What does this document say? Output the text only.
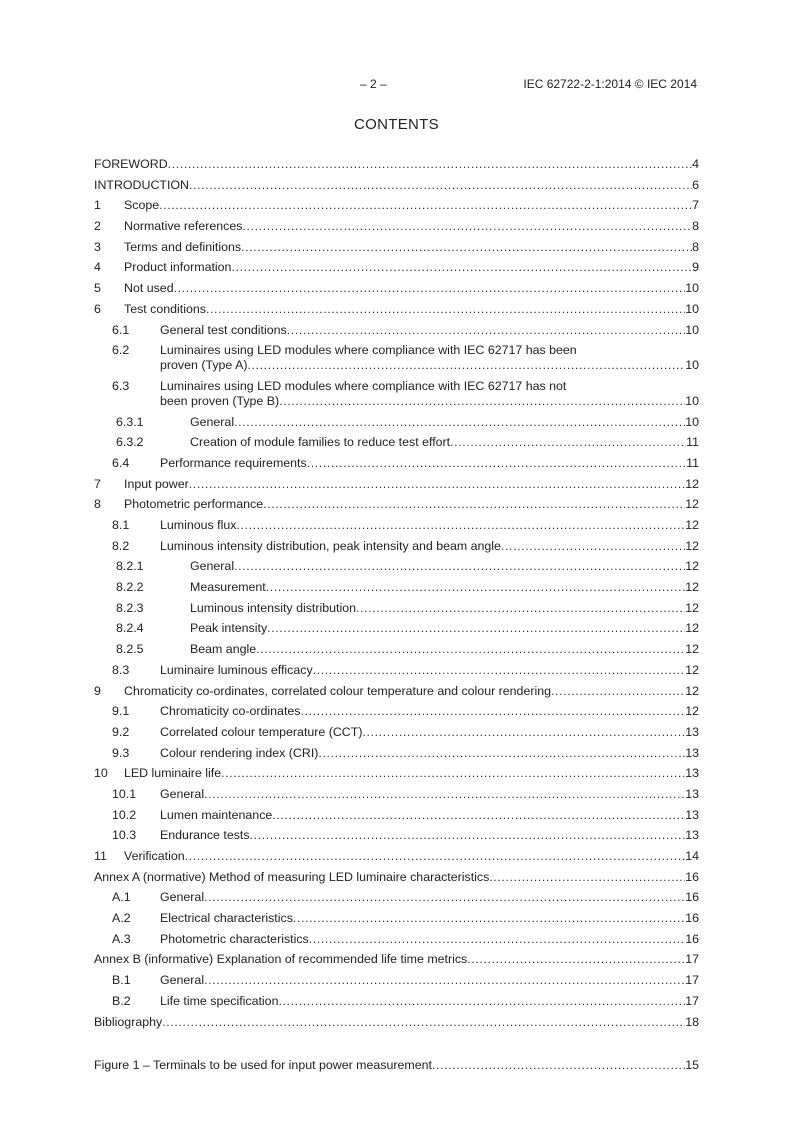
– 2 –	IEC 62722-2-1:2014 © IEC 2014
CONTENTS
FOREWORD .....	4
INTRODUCTION .....	6
1	Scope .....	7
2	Normative references .....	8
3	Terms and definitions .....	8
4	Product information .....	9
5	Not used .....	10
6	Test conditions .....	10
6.1	General test conditions .....	10
6.2	Luminaires using LED modules where compliance with IEC 62717 has been
proven (Type A) .....	10
6.3	Luminaires using LED modules where compliance with IEC 62717 has not
been proven (Type B) .....	10
6.3.1	General .....	10
6.3.2	Creation of module families to reduce test effort .....	11
6.4	Performance requirements .....	11
7	Input power .....	12
8	Photometric performance .....	12
8.1	Luminous flux .....	12
8.2	Luminous intensity distribution, peak intensity and beam angle .....	12
8.2.1	General .....	12
8.2.2	Measurement .....	12
8.2.3	Luminous intensity distribution .....	12
8.2.4	Peak intensity .....	12
8.2.5	Beam angle .....	12
8.3	Luminaire luminous efficacy .....	12
9	Chromaticity co-ordinates, correlated colour temperature and colour rendering .....	12
9.1	Chromaticity co-ordinates .....	12
9.2	Correlated colour temperature (CCT) .....	13
9.3	Colour rendering index (CRI) .....	13
10	LED luminaire life .....	13
10.1	General .....	13
10.2	Lumen maintenance .....	13
10.3	Endurance tests .....	13
11	Verification .....	14
Annex A (normative) Method of measuring LED luminaire characteristics .....	16
A.1	General .....	16
A.2	Electrical characteristics .....	16
A.3	Photometric characteristics .....	16
Annex B (informative) Explanation of recommended life time metrics .....	17
B.1	General .....	17
B.2	Life time specification .....	17
Bibliography .....	18
Figure 1 – Terminals to be used for input power measurement .....	15
